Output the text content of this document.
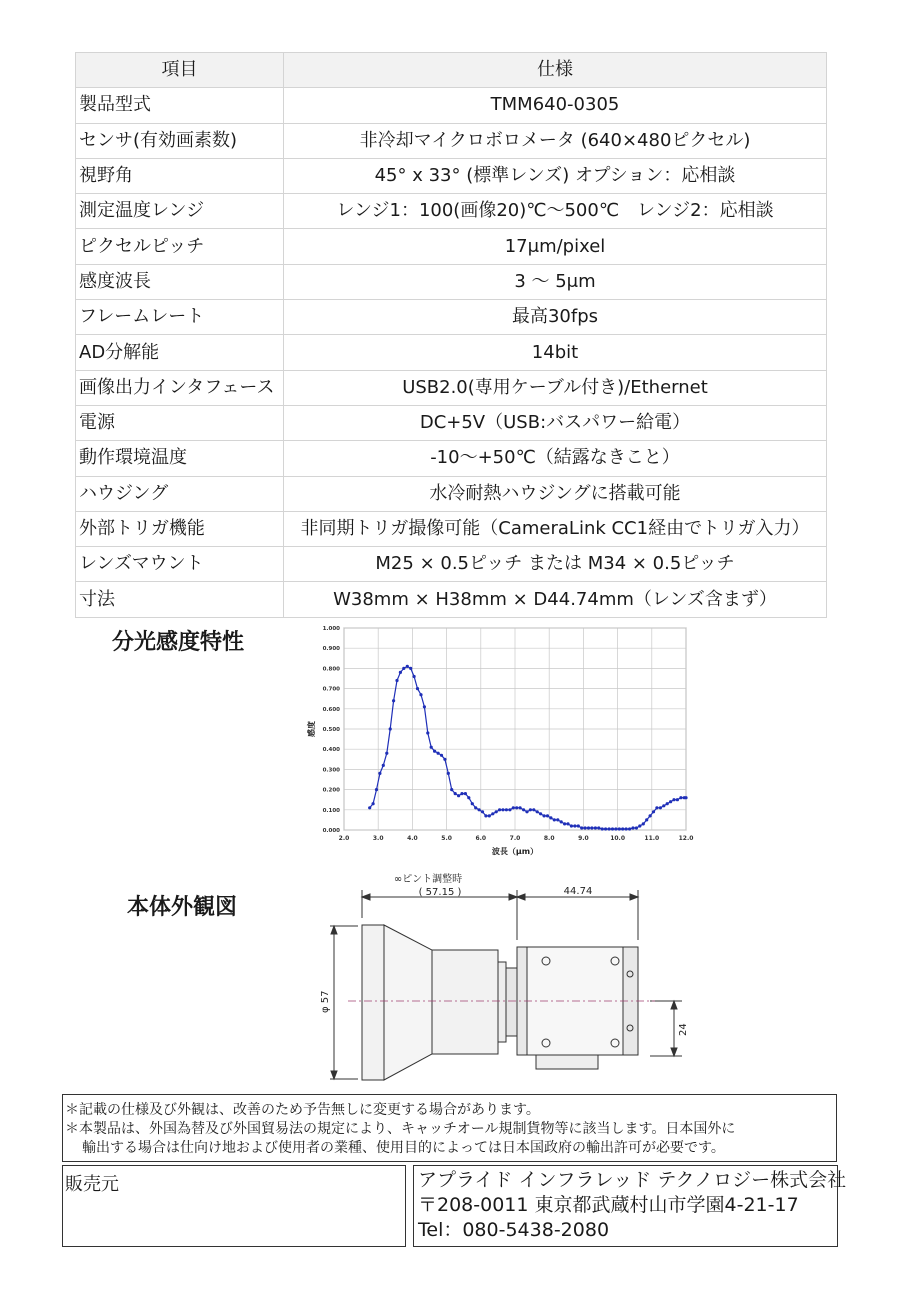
項目	仕様
製品型式	TMM640-0305
センサ(有効画素数)	非冷却マイクロボロメータ (640×480ピクセル)
視野角	45° x 33° (標準レンズ) オプション：応相談
測定温度レンジ	レンジ1：100(画像20)℃〜500℃　レンジ2：応相談
ピクセルピッチ	17μm/pixel
感度波長	3 ～ 5μm
フレームレート	最高30fps
AD分解能	14bit
画像出力インタフェース	USB2.0(専用ケーブル付き)/Ethernet
電源	DC+5V（USB:バスパワー給電）
動作環境温度	-10～+50℃（結露なきこと）
ハウジング	水冷耐熱ハウジングに搭載可能
外部トリガ機能	非同期トリガ撮像可能（CameraLink CC1経由でトリガ入力）
レンズマウント	M25 × 0.5ピッチ または M34 × 0.5ピッチ
寸法	W38mm × H38mm × D44.74mm（レンズ含まず）
分光感度特性
本体外観図
2.0	3.0	4.0	5.0	6.0	7.0	8.0	9.0	10.0	11.0	12.0
0.000
0.100
0.200
0.300
0.400
0.500
0.600
0.700
0.800
0.900
1.000
波長（μm）
感度
∞ピント調整時
( 57.15 )	44.74
φ 57
24
＊記載の仕様及び外観は、改善のため予告無しに変更する場合があります。
＊本製品は、外国為替及び外国貿易法の規定により、キャッチオール規制貨物等に該当します。日本国外に
輸出する場合は仕向け地および使用者の業種、使用目的によっては日本国政府の輸出許可が必要です。
販売元	アプライド インフラレッド テクノロジー株式会社
〒208-0011 東京都武蔵村山市学園4-21-17
Tel：080-5438-2080
